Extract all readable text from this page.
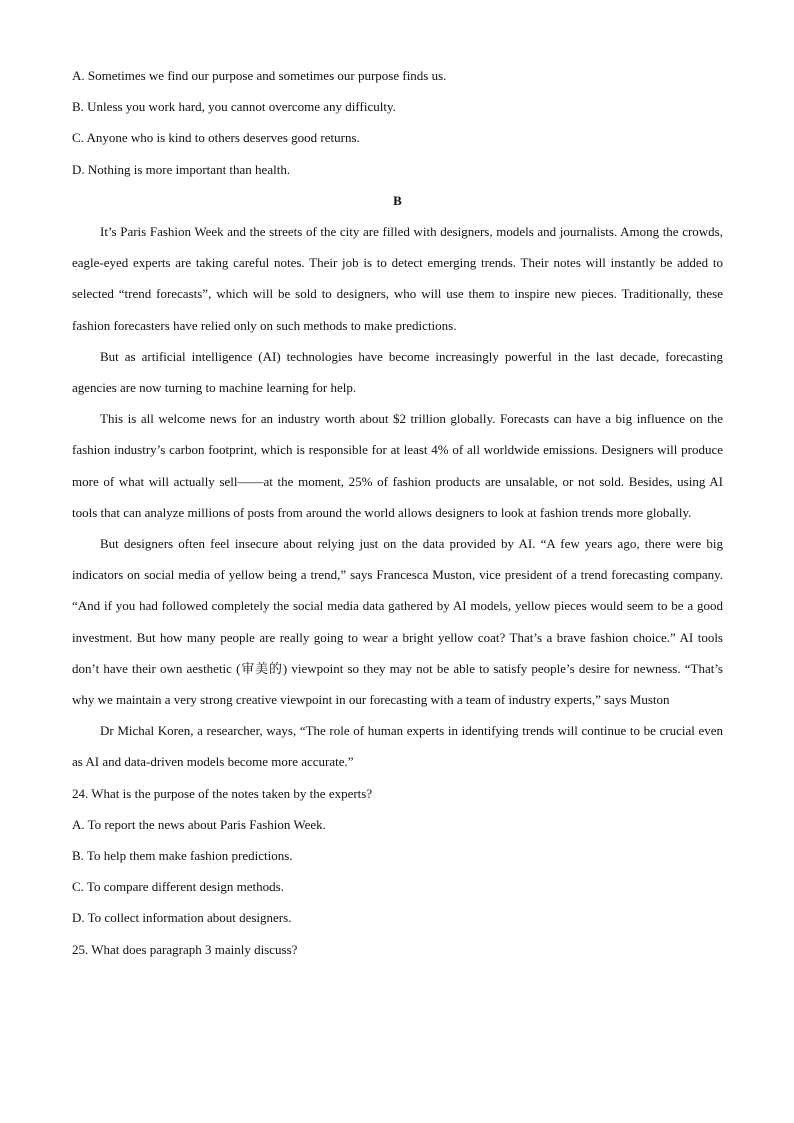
A. Sometimes we find our purpose and sometimes our purpose finds us.

B. Unless you work hard, you cannot overcome any difficulty.

C. Anyone who is kind to others deserves good returns.

D. Nothing is more important than health.

B

It’s Paris Fashion Week and the streets of the city are filled with designers, models and journalists. Among the crowds, eagle-eyed experts are taking careful notes. Their job is to detect emerging trends. Their notes will instantly be added to selected “trend forecasts”, which will be sold to designers, who will use them to inspire new pieces. Traditionally, these fashion forecasters have relied only on such methods to make predictions.

But as artificial intelligence (AI) technologies have become increasingly powerful in the last decade, forecasting agencies are now turning to machine learning for help.

This is all welcome news for an industry worth about $2 trillion globally. Forecasts can have a big influence on the fashion industry’s carbon footprint, which is responsible for at least 4% of all worldwide emissions. Designers will produce more of what will actually sell——at the moment, 25% of fashion products are unsalable, or not sold. Besides, using AI tools that can analyze millions of posts from around the world allows designers to look at fashion trends more globally.

But designers often feel insecure about relying just on the data provided by AI. “A few years ago, there were big indicators on social media of yellow being a trend,” says Francesca Muston, vice president of a trend forecasting company. “And if you had followed completely the social media data gathered by AI models, yellow pieces would seem to be a good investment. But how many people are really going to wear a bright yellow coat? That’s a brave fashion choice.” AI tools don’t have their own aesthetic (审美的) viewpoint so they may not be able to satisfy people’s desire for newness. “That’s why we maintain a very strong creative viewpoint in our forecasting with a team of industry experts,” says Muston

Dr Michal Koren, a researcher, ways, “The role of human experts in identifying trends will continue to be crucial even as AI and data-driven models become more accurate.”

24. What is the purpose of the notes taken by the experts?

A. To report the news about Paris Fashion Week.

B. To help them make fashion predictions.

C. To compare different design methods.

D. To collect information about designers.

25. What does paragraph 3 mainly discuss?
